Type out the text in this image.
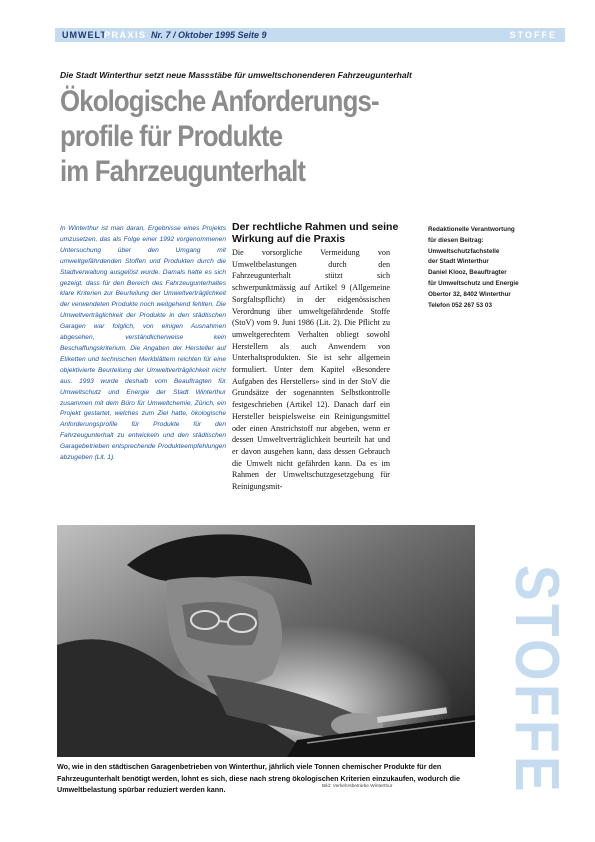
UMWELT
PRAXIS Nr. 7 / Oktober 1995 Seite 9	STOFFE
Die Stadt Winterthur setzt neue Massstäbe für umweltschonenderen Fahrzeugunterhalt
Ökologische Anforderungs-
profile für Produkte
im Fahrzeugunterhalt
In Winterthur ist man daran, Ergebnisse eines Projekts umzusetzen, das als Folge einer 1992 vorgenommenen Untersuchung über den Umgang mit umweltgefährdenden Stoffen und Produkten durch die Stadtverwaltung ausgelöst wurde. Damals hatte es sich gezeigt, dass für den Bereich des Fahrzeugunterhaltes klare Kriterien zur Beurteilung der Umweltverträglichkeit der verwendeten Produkte noch weitgehend fehlten. Die Umweltverträglichkeit der Produkte in den städtischen Garagen war folglich, von einigen Ausnahmen abgesehen, verständlicherweise kein Beschaffungskriterium. Die Angaben der Hersteller auf Etiketten und technischen Merkblättern reichten für eine objektivierte Beurteilung der Umweltverträglichkeit nicht aus. 1993 wurde deshalb vom Beauftragten für Umweltschutz und Energie der Stadt Winterthur zusammen mit dem Büro für Umweltchemie, Zürich, ein Projekt gestartet, welches zum Ziel hatte, ökologische Anforderungsprofile für Produkte für den Fahrzeugunterhalt zu entwickeln und den städtischen Garagebetrieben entsprechende Produkteempfehlungen abzugeben (Lit. 1).
Der rechtliche Rahmen und seine Wirkung auf die Praxis
Die vorsorgliche Vermeidung von Umweltbelastungen durch den Fahrzeugunterhalt stützt sich schwerpunktmässig auf Artikel 9 (Allgemeine Sorgfaltspflicht) in der eidgenössischen Verordnung über umweltgefährdende Stoffe (StoV) vom 9. Juni 1986 (Lit. 2). Die Pflicht zu umweltgerechtem Verhalten obliegt sowohl Herstellern als auch Anwendern von Unterhaltsprodukten. Sie ist sehr allgemein formuliert. Unter dem Kapitel «Besondere Aufgaben des Herstellers» sind in der StoV die Grundsätze der sogenannten Selbstkontrolle festgeschrieben (Artikel 12). Danach darf ein Hersteller beispielsweise ein Reinigungsmittel oder einen Anstrichstoff nur abgeben, wenn er dessen Umweltverträglichkeit beurteilt hat und er davon ausgehen kann, dass dessen Gebrauch die Umwelt nicht gefährden kann. Da es im Rahmen der Umweltschutzgesetzgebung für Reinigungsmit-
Redaktionelle Verantwortung
für diesen Beitrag:
Umweltschutzfachstelle
der Stadt Winterthur
Daniel Klooz, Beauftragter
für Umweltschutz und Energie
Obertor 32, 8402 Winterthur
Telefon 052 267 53 03
Wo, wie in den städtischen Garagenbetrieben von Winterthur, jährlich viele Tonnen chemischer Produkte für den Fahrzeugunterhalt benötigt werden, lohnt es sich, diese nach streng ökologischen Kriterien einzukaufen, wodurch die Umweltbelastung spürbar reduziert werden kann.	Bild: Verkehrsbetriebe Winterthur STOFFE
